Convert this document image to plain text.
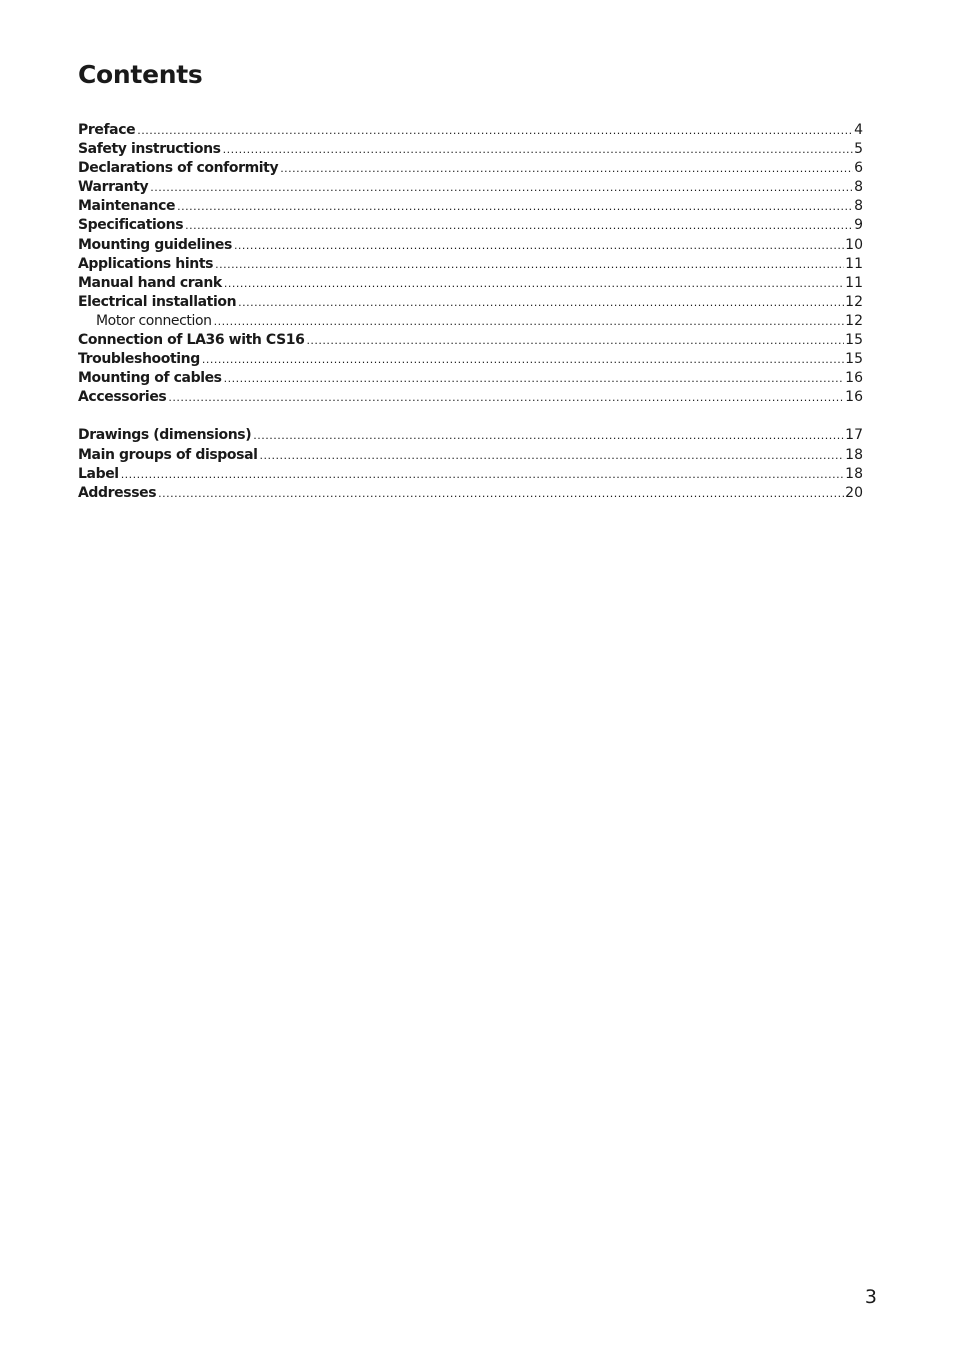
Contents
Preface .....	4
Safety instructions .....	5
Declarations of conformity .....	6
Warranty .....	8
Maintenance .....	8
Specifications .....	9
Mounting guidelines .....	10
Applications hints .....	11
Manual hand crank .....	11
Electrical installation .....	12
Motor connection .....	12
Connection of LA36 with CS16 .....	15
Troubleshooting .....	15
Mounting of cables .....	16
Accessories .....	16
Drawings (dimensions) .....	17
Main groups of disposal .....	18
Label .....	18
Addresses .....	20
3
